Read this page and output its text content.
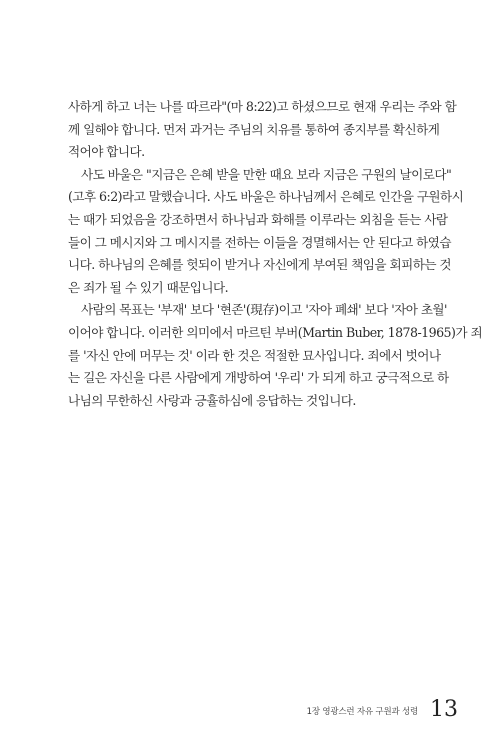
사하게 하고 너는 나를 따르라"(마 8:22)고 하셨으므로 현재 우리는 주와 함
께 일해야 합니다. 먼저 과거는 주님의 치유를 통하여 종지부를 확신하게
적어야 합니다.
사도 바울은 "지금은 은혜 받을 만한 때요 보라 지금은 구원의 날이로다"
(고후 6:2)라고 말했습니다. 사도 바울은 하나님께서 은혜로 인간을 구원하시
는 때가 되었음을 강조하면서 하나님과 화해를 이루라는 외침을 듣는 사람
들이 그 메시지와 그 메시지를 전하는 이들을 경멸해서는 안 된다고 하였습
니다. 하나님의 은혜를 헛되이 받거나 자신에게 부여된 책임을 회피하는 것
은 죄가 될 수 있기 때문입니다.
사람의 목표는 '부재' 보다 '현존'(現存)이고 '자아 폐쇄' 보다 '자아 초월'
이어야 합니다. 이러한 의미에서 마르틴 부버(Martin Buber, 1878-1965)가 죄
를 '자신 안에 머무는 것' 이라 한 것은 적절한 묘사입니다. 죄에서 벗어나
는 길은 자신을 다른 사람에게 개방하여 '우리' 가 되게 하고 궁극적으로 하
나님의 무한하신 사랑과 긍휼하심에 응답하는 것입니다.
1장 영광스런 자유 구원과 성령 13
